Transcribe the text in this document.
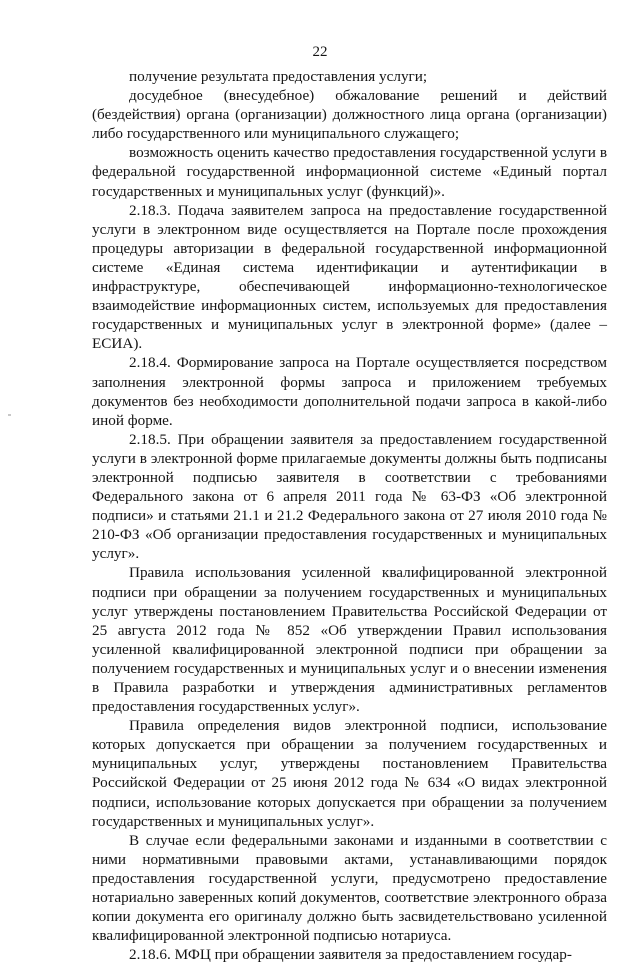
22

получение результата предоставления услуги;

досудебное (внесудебное) обжалование решений и действий (бездействия) органа (организации) должностного лица органа (организации) либо государственного или муниципального служащего;

возможность оценить качество предоставления государственной услуги в федеральной государственной информационной системе «Единый портал государственных и муниципальных услуг (функций)».

2.18.3. Подача заявителем запроса на предоставление государственной услуги в электронном виде осуществляется на Портале после прохождения процедуры авторизации в федеральной государственной информационной системе «Единая система идентификации и аутентификации в инфраструктуре, обеспечивающей информационно-технологическое взаимодействие информационных систем, используемых для предоставления государственных и муниципальных услуг в электронной форме» (далее – ЕСИА).

2.18.4. Формирование запроса на Портале осуществляется посредством заполнения электронной формы запроса и приложением требуемых документов без необходимости дополнительной подачи запроса в какой-либо иной форме.

2.18.5. При обращении заявителя за предоставлением государственной услуги в электронной форме прилагаемые документы должны быть подписаны электронной подписью заявителя в соответствии с требованиями Федерального закона от 6 апреля 2011 года № 63-ФЗ «Об электронной подписи» и статьями 21.1 и 21.2 Федерального закона от 27 июля 2010 года № 210-ФЗ «Об организации предоставления государственных и муниципальных услуг».

Правила использования усиленной квалифицированной электронной подписи при обращении за получением государственных и муниципальных услуг утверждены постановлением Правительства Российской Федерации от 25 августа 2012 года № 852 «Об утверждении Правил использования усиленной квалифицированной электронной подписи при обращении за получением государственных и муниципальных услуг и о внесении изменения в Правила разработки и утверждения административных регламентов предоставления государственных услуг».

Правила определения видов электронной подписи, использование которых допускается при обращении за получением государственных и муниципальных услуг, утверждены постановлением Правительства Российской Федерации от 25 июня 2012 года № 634 «О видах электронной подписи, использование которых допускается при обращении за получением государственных и муниципальных услуг».

В случае если федеральными законами и изданными в соответствии с ними нормативными правовыми актами, устанавливающими порядок предоставления государственной услуги, предусмотрено предоставление нотариально заверенных копий документов, соответствие электронного образа копии документа его оригиналу должно быть засвидетельствовано усиленной квалифицированной электронной подписью нотариуса.

2.18.6. МФЦ при обращении заявителя за предоставлением государ-
